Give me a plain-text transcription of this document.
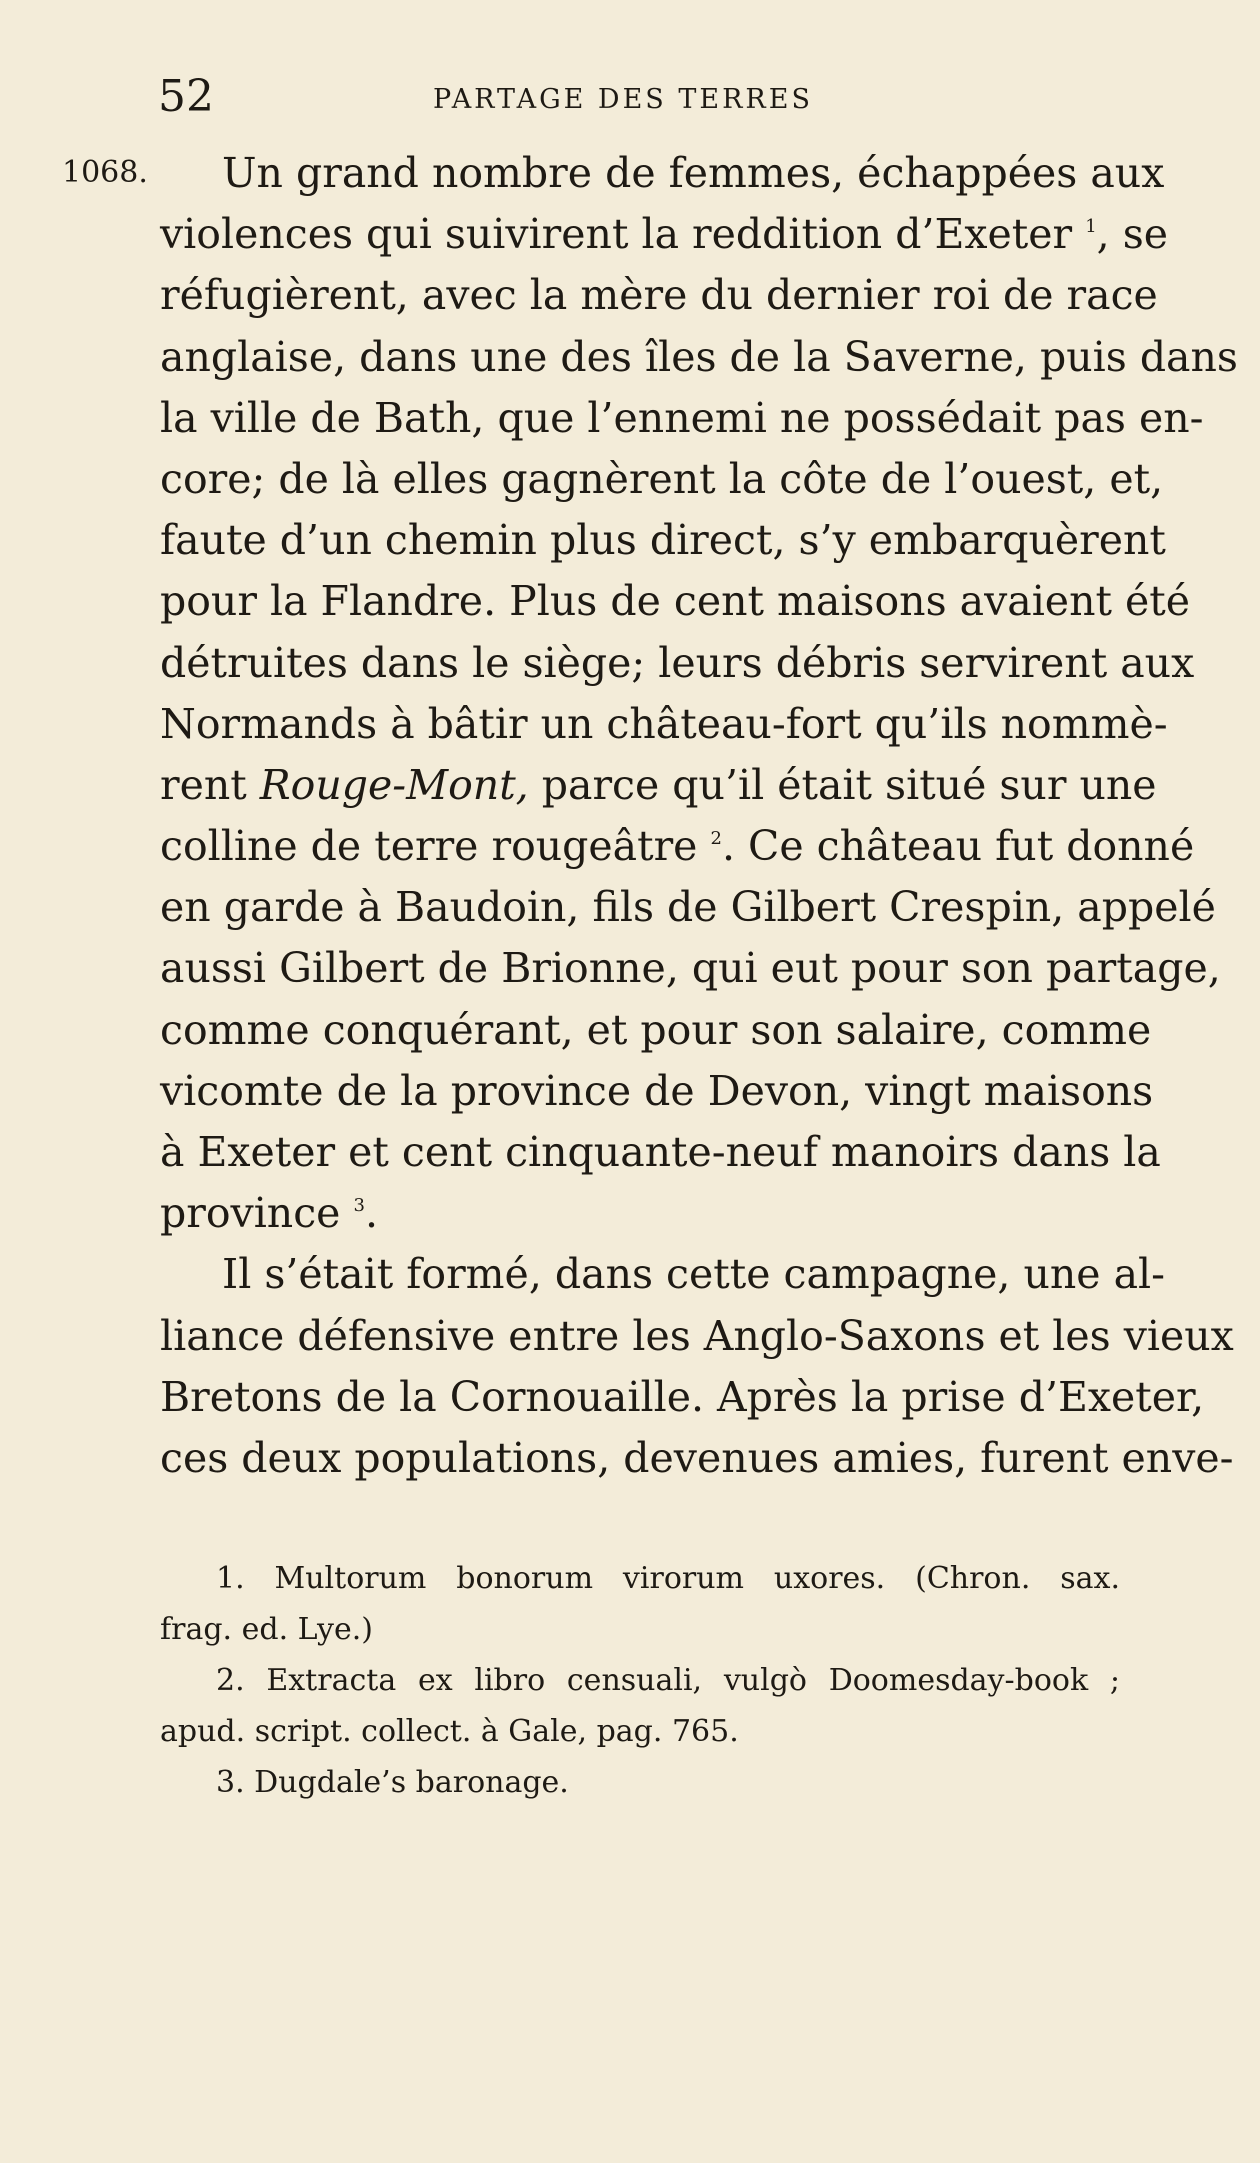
52	PARTAGE DES TERRES
1068.	Un grand nombre de femmes, échappées aux
violences qui suivirent la reddition d’Exeter $^1$, se
réfugièrent, avec la mère du dernier roi de race
anglaise, dans une des îles de la Saverne, puis dans
la ville de Bath, que l’ennemi ne possédait pas en-
core; de là elles gagnèrent la côte de l’ouest, et,
faute d’un chemin plus direct, s’y embarquèrent
pour la Flandre. Plus de cent maisons avaient été
détruites dans le siège; leurs débris servirent aux
Normands à bâtir un château-fort qu’ils nommè-
rent Rouge-Mont, parce qu’il était situé sur une
colline de terre rougeâtre $^2$. Ce château fut donné
en garde à Baudoin, fils de Gilbert Crespin, appelé
aussi Gilbert de Brionne, qui eut pour son partage,
comme conquérant, et pour son salaire, comme
vicomte de la province de Devon, vingt maisons
à Exeter et cent cinquante-neuf manoirs dans la
province $^3$.
Il s’était formé, dans cette campagne, une al-
liance défensive entre les Anglo-Saxons et les vieux
Bretons de la Cornouaille. Après la prise d’Exeter,
ces deux populations, devenues amies, furent enve-
1. Multorum bonorum virorum uxores. (Chron. sax.
frag. ed. Lye.)
2. Extracta ex libro censuali, vulgò Doomesday-book ;
apud. script. collect. à Gale, pag. 765.
3. Dugdale’s baronage.
